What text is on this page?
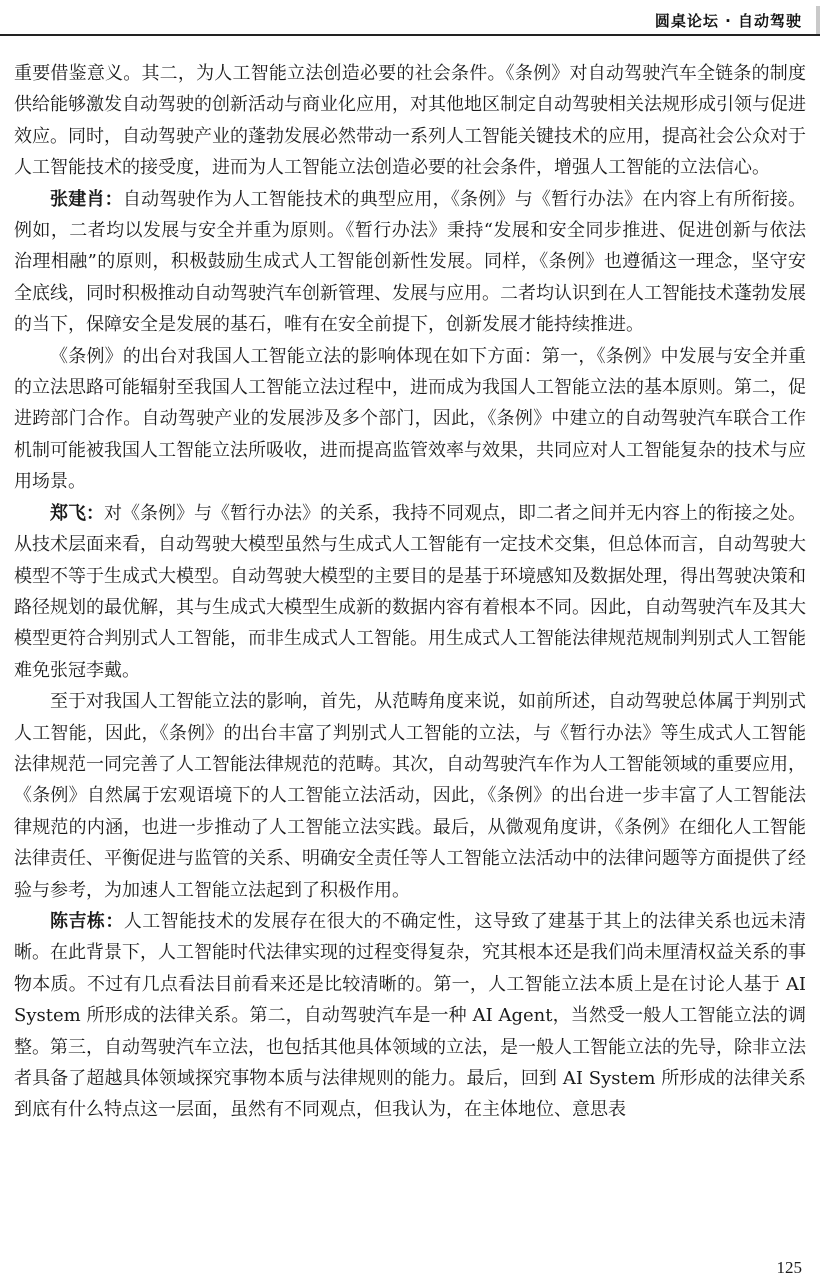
圆桌论坛 · 自动驾驶

重要借鉴意义。其二，为人工智能立法创造必要的社会条件。《条例》对自动驾驶汽车全链条的制度供给能够激发自动驾驶的创新活动与商业化应用，对其他地区制定自动驾驶相关法规形成引领与促进效应。同时，自动驾驶产业的蓬勃发展必然带动一系列人工智能关键技术的应用，提高社会公众对于人工智能技术的接受度，进而为人工智能立法创造必要的社会条件，增强人工智能的立法信心。

张建肖：自动驾驶作为人工智能技术的典型应用，《条例》与《暂行办法》在内容上有所衔接。例如，二者均以发展与安全并重为原则。《暂行办法》秉持“发展和安全同步推进、促进创新与依法治理相融”的原则，积极鼓励生成式人工智能创新性发展。同样，《条例》也遵循这一理念，坚守安全底线，同时积极推动自动驾驶汽车创新管理、发展与应用。二者均认识到在人工智能技术蓬勃发展的当下，保障安全是发展的基石，唯有在安全前提下，创新发展才能持续推进。

《条例》的出台对我国人工智能立法的影响体现在如下方面：第一，《条例》中发展与安全并重的立法思路可能辐射至我国人工智能立法过程中，进而成为我国人工智能立法的基本原则。第二，促进跨部门合作。自动驾驶产业的发展涉及多个部门，因此，《条例》中建立的自动驾驶汽车联合工作机制可能被我国人工智能立法所吸收，进而提高监管效率与效果，共同应对人工智能复杂的技术与应用场景。

郑飞：对《条例》与《暂行办法》的关系，我持不同观点，即二者之间并无内容上的衔接之处。从技术层面来看，自动驾驶大模型虽然与生成式人工智能有一定技术交集，但总体而言，自动驾驶大模型不等于生成式大模型。自动驾驶大模型的主要目的是基于环境感知及数据处理，得出驾驶决策和路径规划的最优解，其与生成式大模型生成新的数据内容有着根本不同。因此，自动驾驶汽车及其大模型更符合判别式人工智能，而非生成式人工智能。用生成式人工智能法律规范规制判别式人工智能难免张冠李戴。

至于对我国人工智能立法的影响，首先，从范畴角度来说，如前所述，自动驾驶总体属于判别式人工智能，因此，《条例》的出台丰富了判别式人工智能的立法，与《暂行办法》等生成式人工智能法律规范一同完善了人工智能法律规范的范畴。其次，自动驾驶汽车作为人工智能领域的重要应用，《条例》自然属于宏观语境下的人工智能立法活动，因此，《条例》的出台进一步丰富了人工智能法律规范的内涵，也进一步推动了人工智能立法实践。最后，从微观角度讲，《条例》在细化人工智能法律责任、平衡促进与监管的关系、明确安全责任等人工智能立法活动中的法律问题等方面提供了经验与参考，为加速人工智能立法起到了积极作用。

陈吉栋：人工智能技术的发展存在很大的不确定性，这导致了建基于其上的法律关系也远未清晰。在此背景下，人工智能时代法律实现的过程变得复杂，究其根本还是我们尚未厘清权益关系的事物本质。不过有几点看法目前看来还是比较清晰的。第一，人工智能立法本质上是在讨论人基于 AI System 所形成的法律关系。第二，自动驾驶汽车是一种 AI Agent，当然受一般人工智能立法的调整。第三，自动驾驶汽车立法，也包括其他具体领域的立法，是一般人工智能立法的先导，除非立法者具备了超越具体领域探究事物本质与法律规则的能力。最后，回到 AI System 所形成的法律关系到底有什么特点这一层面，虽然有不同观点，但我认为，在主体地位、意思表

125
